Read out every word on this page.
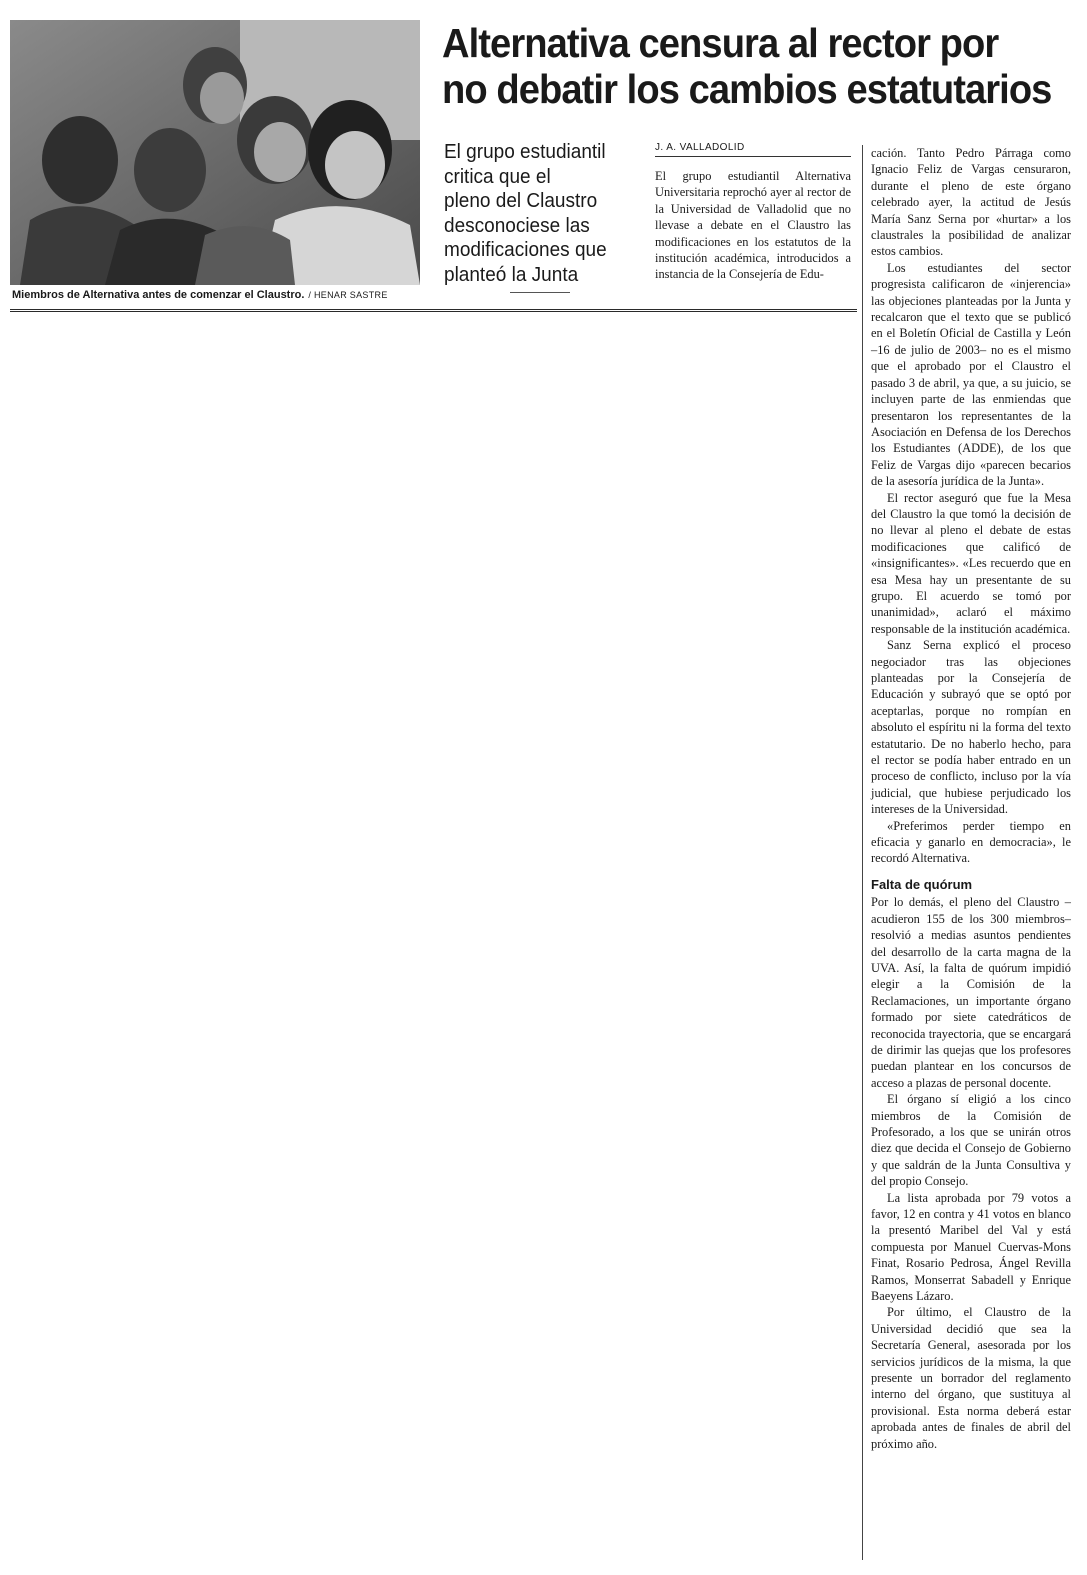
Miembros de Alternativa antes de comenzar el Claustro. / HENAR SASTRE
Alternativa censura al rector por
no debatir los cambios estatutarios
El grupo estudiantil
critica que el
pleno del Claustro
desconociese las
modificaciones que
planteó la Junta
J. A. VALLADOLID

El grupo estudiantil Alternativa Universitaria reprochó ayer al rector de la Universidad de Valladolid que no llevase a debate en el Claustro las modificaciones en los estatutos de la institución académica, introducidos a instancia de la Consejería de Edu-

cación. Tanto Pedro Párraga como Ignacio Feliz de Vargas censuraron, durante el pleno de este órgano celebrado ayer, la actitud de Jesús María Sanz Serna por «hurtar» a los claustrales la posibilidad de analizar estos cambios.

Los estudiantes del sector progresista calificaron de «injerencia» las objeciones planteadas por la Junta y recalcaron que el texto que se publicó en el Boletín Oficial de Castilla y León –16 de julio de 2003– no es el mismo que el aprobado por el Claustro el pasado 3 de abril, ya que, a su juicio, se incluyen parte de las enmiendas que presentaron los representantes de la Asociación en Defensa de los Derechos los Estudiantes (ADDE), de los que Feliz de Vargas dijo «parecen becarios de la asesoría jurídica de la Junta».

El rector aseguró que fue la Mesa del Claustro la que tomó la decisión de no llevar al pleno el debate de estas modificaciones que calificó de «insignificantes». «Les recuerdo que en esa Mesa hay un presentante de su grupo. El acuerdo se tomó por unanimidad», aclaró el máximo responsable de la institución académica.

Sanz Serna explicó el proceso negociador tras las objeciones planteadas por la Consejería de Educación y subrayó que se optó por aceptarlas, porque no rompían en absoluto el espíritu ni la forma del texto estatutario. De no haberlo hecho, para el rector se podía haber entrado en un proceso de conflicto, incluso por la vía judicial, que hubiese perjudicado los intereses de la Universidad.

«Preferimos perder tiempo en eficacia y ganarlo en democracia», le recordó Alternativa.

Falta de quórum

Por lo demás, el pleno del Claustro –acudieron 155 de los 300 miembros– resolvió a medias asuntos pendientes del desarrollo de la carta magna de la UVA. Así, la falta de quórum impidió elegir a la Comisión de la Reclamaciones, un importante órgano formado por siete catedráticos de reconocida trayectoria, que se encargará de dirimir las quejas que los profesores puedan plantear en los concursos de acceso a plazas de personal docente.

El órgano sí eligió a los cinco miembros de la Comisión de Profesorado, a los que se unirán otros diez que decida el Consejo de Gobierno y que saldrán de la Junta Consultiva y del propio Consejo.

La lista aprobada por 79 votos a favor, 12 en contra y 41 votos en blanco la presentó Maribel del Val y está compuesta por Manuel Cuervas-Mons Finat, Rosario Pedrosa, Ángel Revilla Ramos, Monserrat Sabadell y Enrique Baeyens Lázaro.

Por último, el Claustro de la Universidad decidió que sea la Secretaría General, asesorada por los servicios jurídicos de la misma, la que presente un borrador del reglamento interno del órgano, que sustituya al provisional. Esta norma deberá estar aprobada antes de finales de abril del próximo año.
